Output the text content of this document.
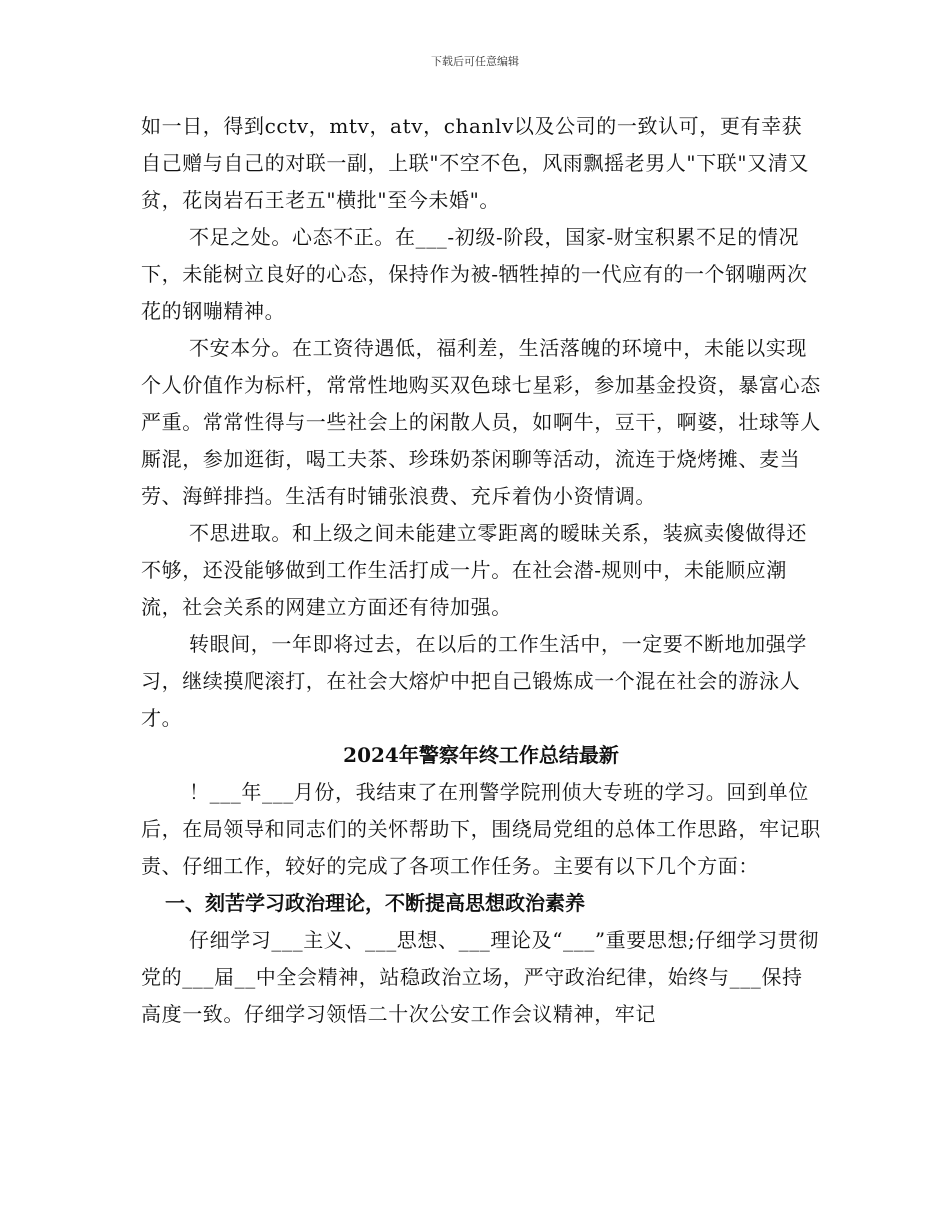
下载后可任意编辑

如一日，得到cctv，mtv，atv，chanlv以及公司的一致认可，更有幸获自己赠与自己的对联一副，上联"不空不色，风雨飘摇老男人"下联"又清又贫，花岗岩石王老五"横批"至今未婚"。

不足之处。心态不正。在___-初级-阶段，国家-财宝积累不足的情况下，未能树立良好的心态，保持作为被-牺牲掉的一代应有的一个钢嘣两次花的钢嘣精神。

不安本分。在工资待遇低，福利差，生活落魄的环境中，未能以实现个人价值作为标杆，常常性地购买双色球七星彩，参加基金投资，暴富心态严重。常常性得与一些社会上的闲散人员，如啊牛，豆干，啊婆，壮球等人厮混，参加逛街，喝工夫茶、珍珠奶茶闲聊等活动，流连于烧烤摊、麦当劳、海鲜排挡。生活有时铺张浪费、充斥着伪小资情调。

不思进取。和上级之间未能建立零距离的暧昧关系，装疯卖傻做得还不够，还没能够做到工作生活打成一片。在社会潜-规则中，未能顺应潮流，社会关系的网建立方面还有待加强。

转眼间，一年即将过去，在以后的工作生活中，一定要不断地加强学习，继续摸爬滚打，在社会大熔炉中把自己锻炼成一个混在社会的游泳人才。

2024年警察年终工作总结最新

！___年___月份，我结束了在刑警学院刑侦大专班的学习。回到单位后，在局领导和同志们的关怀帮助下，围绕局党组的总体工作思路，牢记职责、仔细工作，较好的完成了各项工作任务。主要有以下几个方面：

一、刻苦学习政治理论，不断提高思想政治素养

仔细学习___主义、___思想、___理论及“___”重要思想;仔细学习贯彻党的___届__中全会精神，站稳政治立场，严守政治纪律，始终与___保持高度一致。仔细学习领悟二十次公安工作会议精神，牢记
